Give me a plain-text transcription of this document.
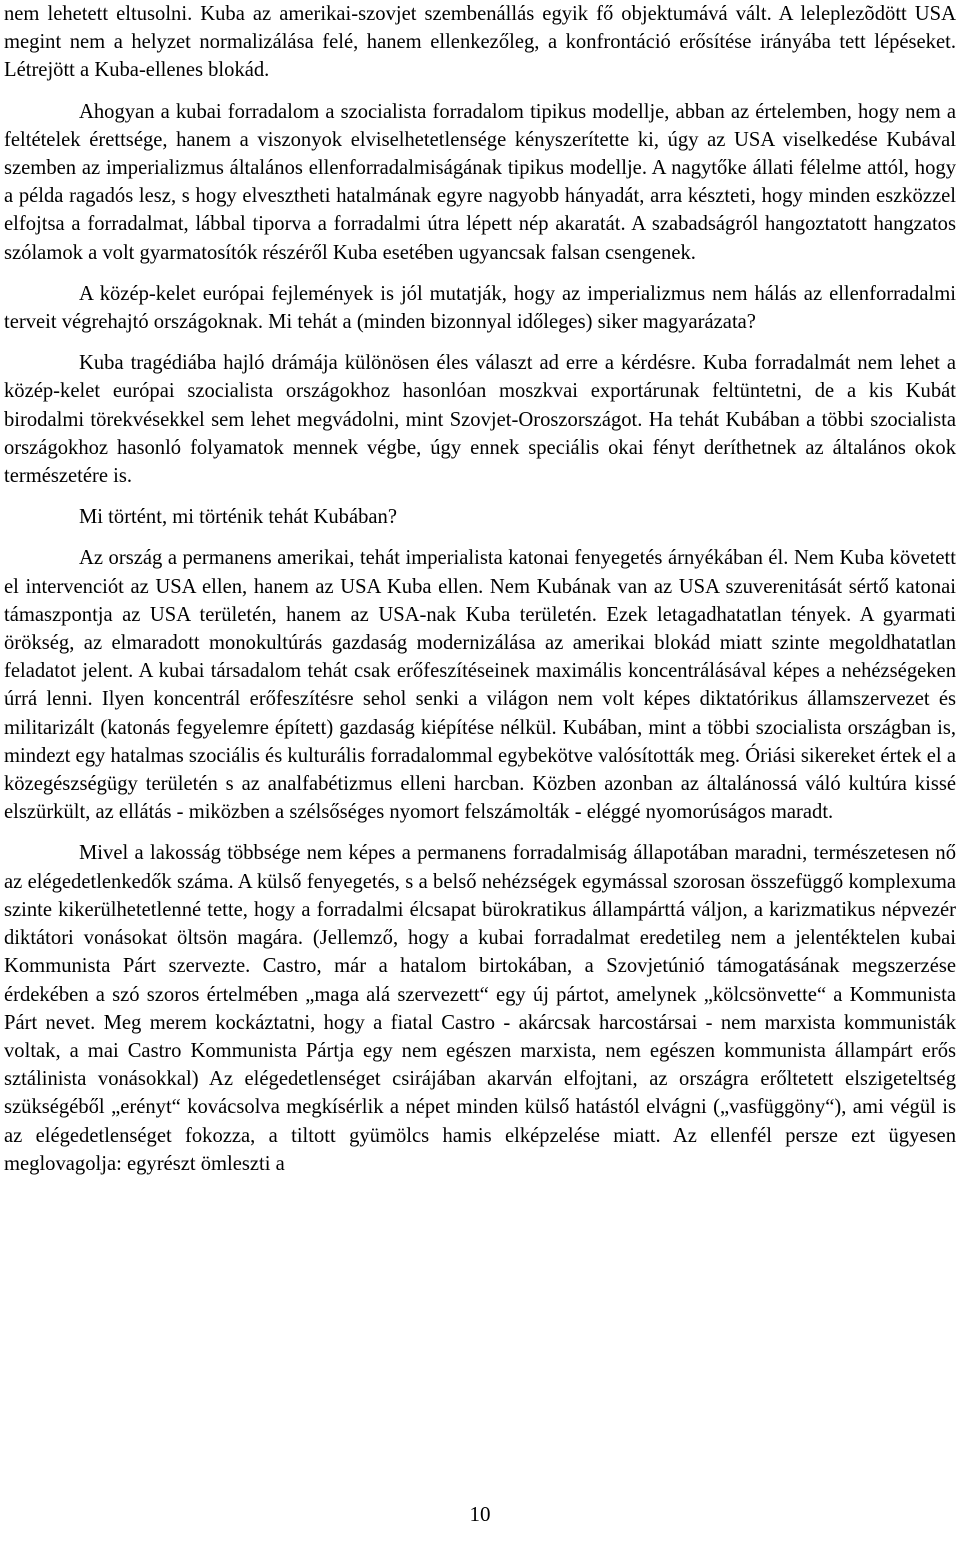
nem lehetett eltusolni. Kuba az amerikai-szovjet szembenállás egyik fő objektumává vált. A leleplezõdött USA megint nem a helyzet normalizálása felé, hanem ellenkezőleg, a konfrontáció erősítése irányába tett lépéseket. Létrejött a Kuba-ellenes blokád.

Ahogyan a kubai forradalom a szocialista forradalom tipikus modellje, abban az értelemben, hogy nem a feltételek érettsége, hanem a viszonyok elviselhetetlensége kényszerítette ki, úgy az USA viselkedése Kubával szemben az imperializmus általános ellenforradalmiságának tipikus modellje. A nagytőke állati félelme attól, hogy a példa ragadós lesz, s hogy elvesztheti hatalmának egyre nagyobb hányadát, arra készteti, hogy minden eszközzel elfojtsa a forradalmat, lábbal tiporva a forradalmi útra lépett nép akaratát. A szabadságról hangoztatott hangzatos szólamok a volt gyarmatosítók részéről Kuba esetében ugyancsak falsan csengenek.

A közép-kelet európai fejlemények is jól mutatják, hogy az imperializmus nem hálás az ellenforradalmi terveit végrehajtó országoknak. Mi tehát a (minden bizonnyal időleges) siker magyarázata?

Kuba tragédiába hajló drámája különösen éles választ ad erre a kérdésre. Kuba forradalmát nem lehet a közép-kelet európai szocialista országokhoz hasonlóan moszkvai exportárunak feltüntetni, de a kis Kubát birodalmi törekvésekkel sem lehet megvádolni, mint Szovjet-Oroszországot. Ha tehát Kubában a többi szocialista országokhoz hasonló folyamatok mennek végbe, úgy ennek speciális okai fényt deríthetnek az általános okok természetére is.

Mi történt, mi történik tehát Kubában?

Az ország a permanens amerikai, tehát imperialista katonai fenyegetés árnyékában él. Nem Kuba követett el intervenciót az USA ellen, hanem az USA Kuba ellen. Nem Kubának van az USA szuverenitását sértő katonai támaszpontja az USA területén, hanem az USA-nak Kuba területén. Ezek letagadhatatlan tények. A gyarmati örökség, az elmaradott monokultúrás gazdaság modernizálása az amerikai blokád miatt szinte megoldhatatlan feladatot jelent. A kubai társadalom tehát csak erőfeszítéseinek maximális koncentrálásával képes a nehézségeken úrrá lenni. Ilyen koncentrál erőfeszítésre sehol senki a világon nem volt képes diktatórikus államszervezet és militarizált (katonás fegyelemre épített) gazdaság kiépítése nélkül. Kubában, mint a többi szocialista országban is, mindezt egy hatalmas szociális és kulturális forradalommal egybekötve valósították meg. Óriási sikereket értek el a közegészségügy területén s az analfabétizmus elleni harcban. Közben azonban az általánossá váló kultúra kissé elszürkült, az ellátás - miközben a szélsőséges nyomort felszámolták - eléggé nyomorúságos maradt.

Mivel a lakosság többsége nem képes a permanens forradalmiság állapotában maradni, természetesen nő az elégedetlenkedők száma. A külső fenyegetés, s a belső nehézségek egymással szorosan összefüggő komplexuma szinte kikerülhetetlenné tette, hogy a forradalmi élcsapat bürokratikus állampárttá váljon, a karizmatikus népvezér diktátori vonásokat öltsön magára. (Jellemző, hogy a kubai forradalmat eredetileg nem a jelentéktelen kubai Kommunista Párt szervezte. Castro, már a hatalom birtokában, a Szovjetúnió támogatásának megszerzése érdekében a szó szoros értelmében „maga alá szervezett“ egy új pártot, amelynek „kölcsönvette“ a Kommunista Párt nevet. Meg merem kockáztatni, hogy a fiatal Castro - akárcsak harcostársai - nem marxista kommunisták voltak, a mai Castro Kommunista Pártja egy nem egészen marxista, nem egészen kommunista állampárt erős sztálinista vonásokkal) Az elégedetlenséget csirájában akarván elfojtani, az országra erőltetett elszigeteltség szükségéből „erényt“ kovácsolva megkísérlik a népet minden külső hatástól elvágni („vasfüggöny“), ami végül is az elégedetlenséget fokozza, a tiltott gyümölcs hamis elképzelése miatt. Az ellenfél persze ezt ügyesen meglovagolja: egyrészt ömleszti a

10
